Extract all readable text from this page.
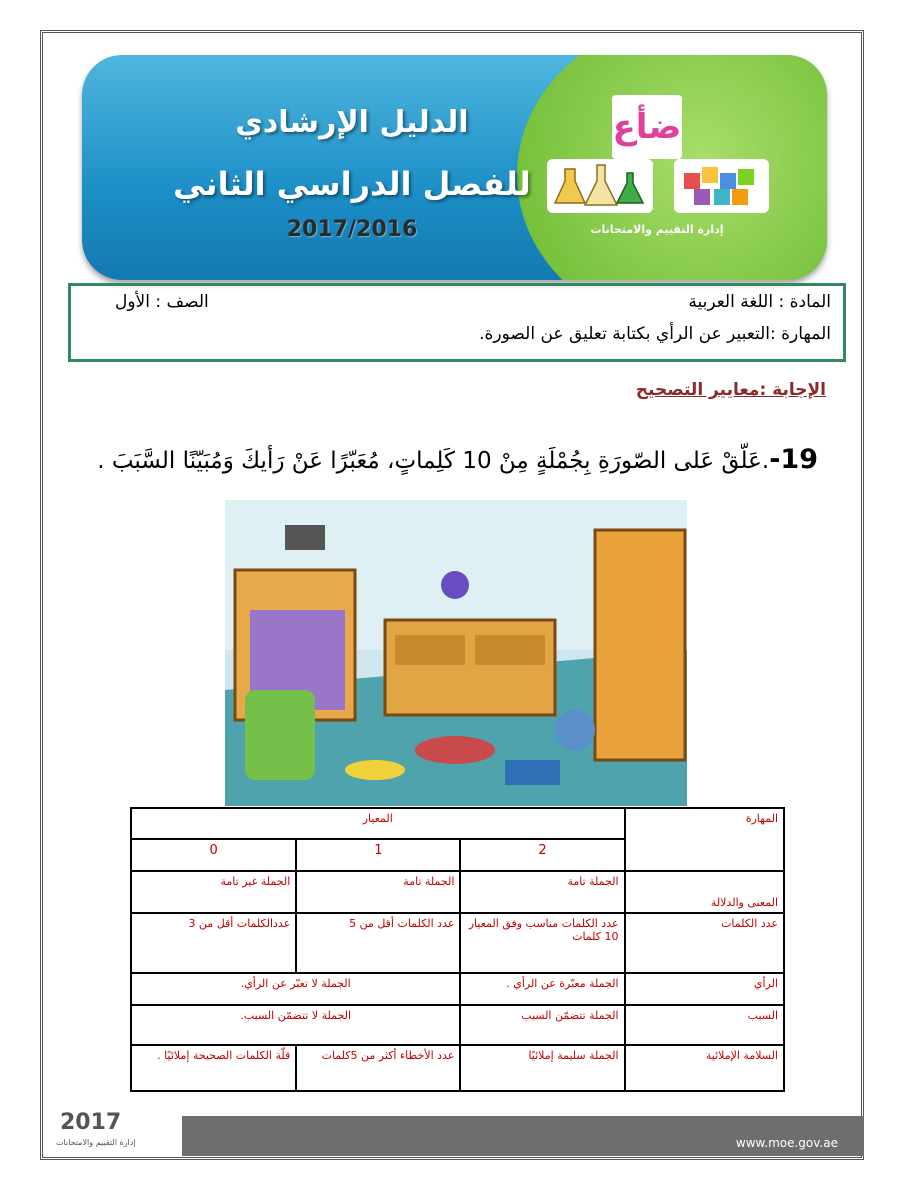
الدليل الإرشادي
للفصل الدراسي الثاني
2017/2016
ضأع
إدارة التقييم والامتحانات
المادة : اللغة العربية
الصف : الأول
المهارة :التعبير عن الرأي بكتابة تعليق عن الصورة.
الإجابة :معايير التصحيح
19-.عَلّقْ عَلى الصّورَةِ بِجُمْلَةٍ مِنْ 10 كَلِماتٍ، مُعَبّرًا عَنْ رَأيكَ وَمُبَيّنًا السَّبَبَ .
المهارة	المعيار		
	2	1	0
المعنى والدلالة	الجملة تامة	الجملة تامة	الجملة غير تامة
عدد الكلمات	عدد الكلمات مناسب وفق المعيار 10 كلمات	عدد الكلمات أقل من 5	عددالكلمات أقل من 3
الرأي	الجملة معبّرة عن الرأي .	الجملة لا تعبّر عن الرأي.	
السبب	الجملة تتضمّن السبب	الجملة لا تتضمّن السبب.	
السلامة الإملائية	الجملة سليمة إملائيًا	عدد الأخطاء أكثر من 5كلمات	قلّة الكلمات الصحيحة إملائيًا .
2017
إدارة التقييم والامتحانات	www.moe.gov.ae
